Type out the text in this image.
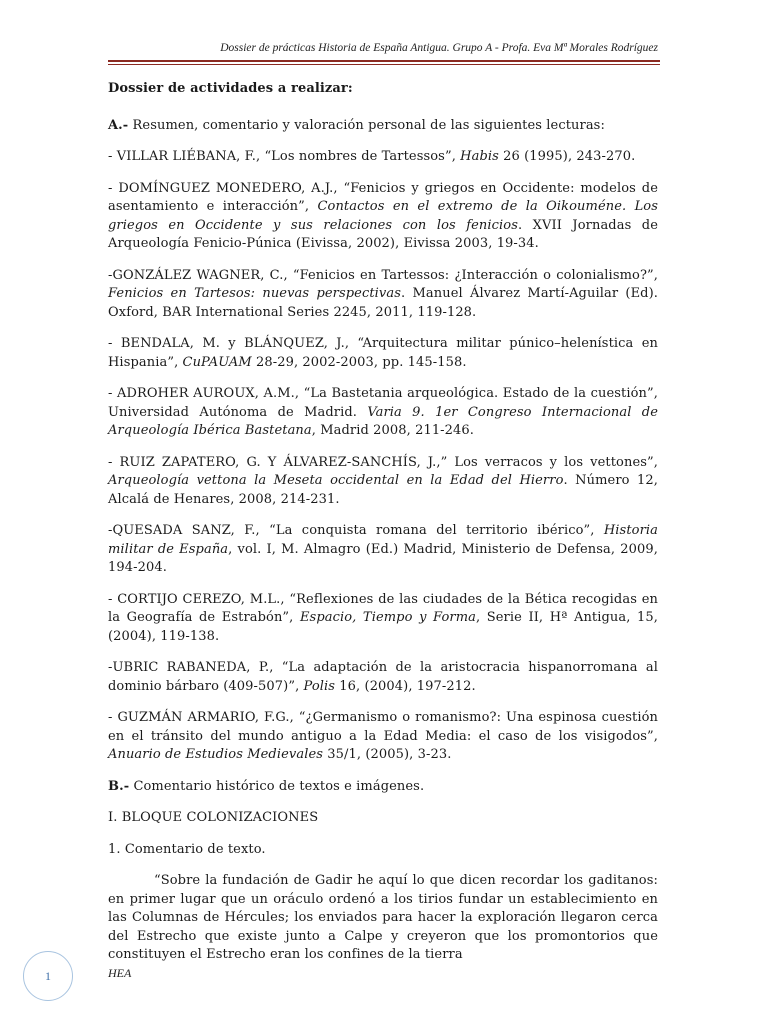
Dossier de prácticas Historia de España Antigua. Grupo A - Profa. Eva Mª Morales Rodríguez

Dossier de actividades a realizar:

A.- Resumen, comentario y valoración personal de las siguientes lecturas:

- VILLAR LIÉBANA, F., “Los nombres de Tartessos”, Habis 26 (1995), 243-270.

- DOMÍNGUEZ MONEDERO, A.J., “Fenicios y griegos en Occidente: modelos de asentamiento e interacción”, Contactos en el extremo de la Oikouméne. Los griegos en Occidente y sus relaciones con los fenicios. XVII Jornadas de Arqueología Fenicio-Púnica (Eivissa, 2002), Eivissa 2003, 19-34.

-GONZÁLEZ WAGNER, C., “Fenicios en Tartessos: ¿Interacción o colonialismo?”, Fenicios en Tartesos: nuevas perspectivas. Manuel Álvarez Martí-Aguilar (Ed). Oxford, BAR International Series 2245, 2011, 119-128.

- BENDALA, M. y BLÁNQUEZ, J., “Arquitectura militar púnico–helenística en Hispania”, CuPAUAM 28-29, 2002-2003, pp. 145-158.

- ADROHER AUROUX, A.M., “La Bastetania arqueológica. Estado de la cuestión”, Universidad Autónoma de Madrid. Varia 9. 1er Congreso Internacional de Arqueología Ibérica Bastetana, Madrid 2008, 211-246.

- RUIZ ZAPATERO, G. Y ÁLVAREZ-SANCHÍS, J.,” Los verracos y los vettones”, Arqueología vettona la Meseta occidental en la Edad del Hierro. Número 12, Alcalá de Henares, 2008, 214-231.

-QUESADA SANZ, F., “La conquista romana del territorio ibérico”, Historia militar de España, vol. I, M. Almagro (Ed.) Madrid, Ministerio de Defensa, 2009, 194-204.

- CORTIJO CEREZO, M.L., “Reflexiones de las ciudades de la Bética recogidas en la Geografía de Estrabón”, Espacio, Tiempo y Forma, Serie II, Hª Antigua, 15, (2004), 119-138.

-UBRIC RABANEDA, P., “La adaptación de la aristocracia hispanorromana al dominio bárbaro (409-507)”, Polis 16, (2004), 197-212.

- GUZMÁN ARMARIO, F.G., “¿Germanismo o romanismo?: Una espinosa cuestión en el tránsito del mundo antiguo a la Edad Media: el caso de los visigodos”, Anuario de Estudios Medievales 35/1, (2005), 3-23.

B.- Comentario histórico de textos e imágenes.

I. BLOQUE COLONIZACIONES

1. Comentario de texto.

“Sobre la fundación de Gadir he aquí lo que dicen recordar los gaditanos: en primer lugar que un oráculo ordenó a los tirios fundar un establecimiento en las Columnas de Hércules; los enviados para hacer la exploración llegaron cerca del Estrecho que existe junto a Calpe y creyeron que los promontorios que constituyen el Estrecho eran los confines de la tierra

1	HEA
